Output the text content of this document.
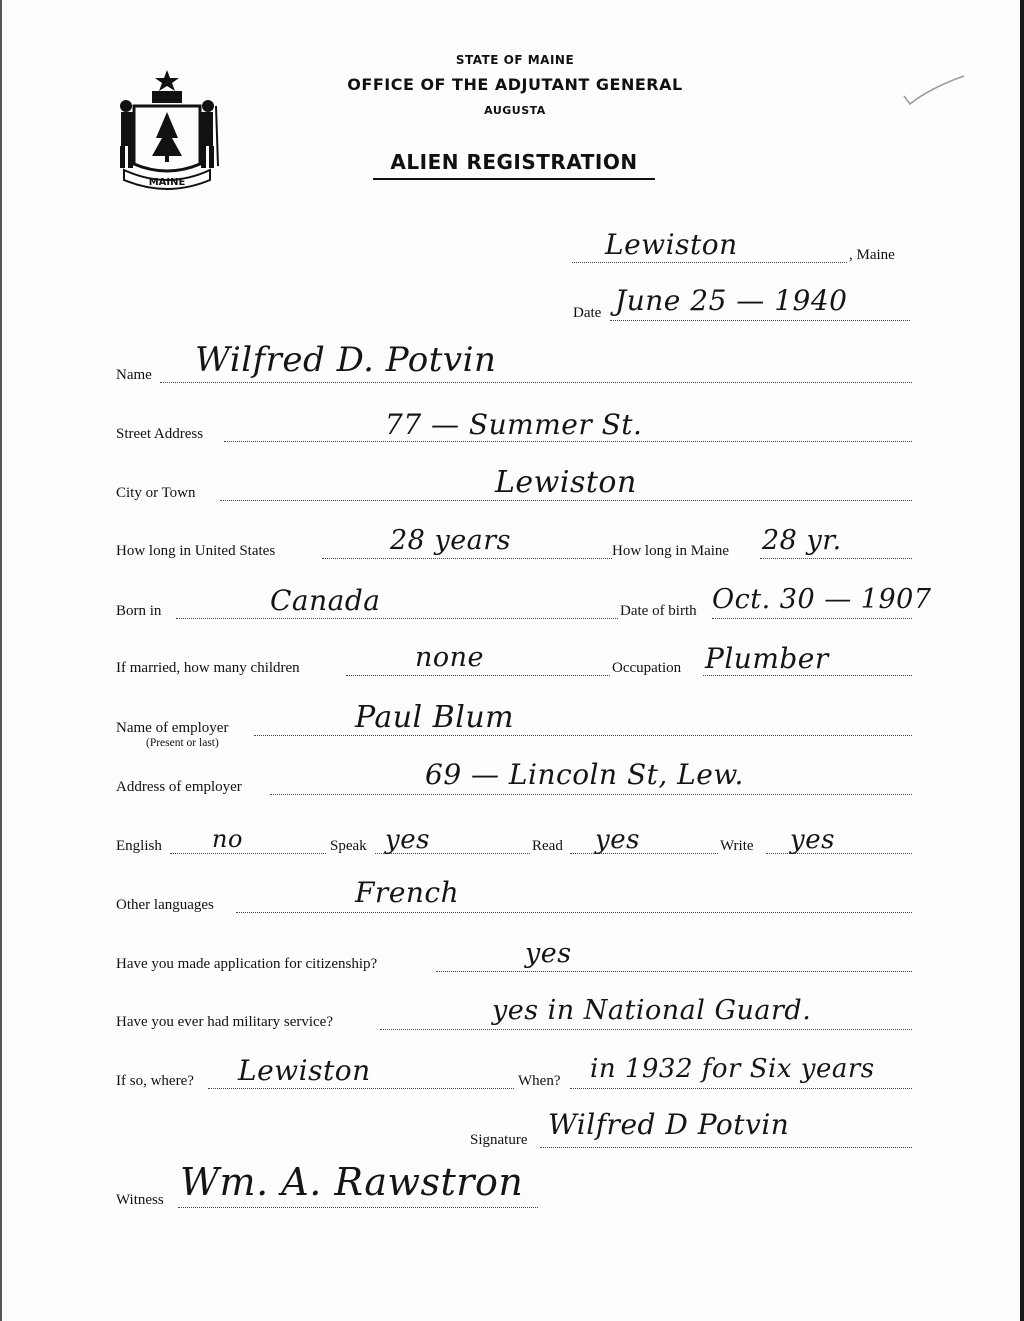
MAINE
STATE OF MAINE
OFFICE OF THE ADJUTANT GENERAL
AUGUSTA
ALIEN REGISTRATION
Lewiston	, Maine
Date June 25 — 1940
Name Wilfred D. Potvin
Street Address	77 — Summer St.
City or Town	Lewiston
How long in United States	28 years	How long in Maine 28 yr.
Born in	Canada	Date of birth Oct. 30 — 1907
If married, how many children	none	Occupation Plumber
Name of employer
(Present or last)
Paul Blum
Address of employer	69 — Lincoln St, Lew.
English no	Speak yes	Read yes	Write yes
Other languages	French
Have you made application for citizenship?	yes
Have you ever had military service?	yes in National Guard.
If so, where? Lewiston	When? in 1932 for Six years
Signature Wilfred D Potvin
Witness Wm. A. Rawstron
